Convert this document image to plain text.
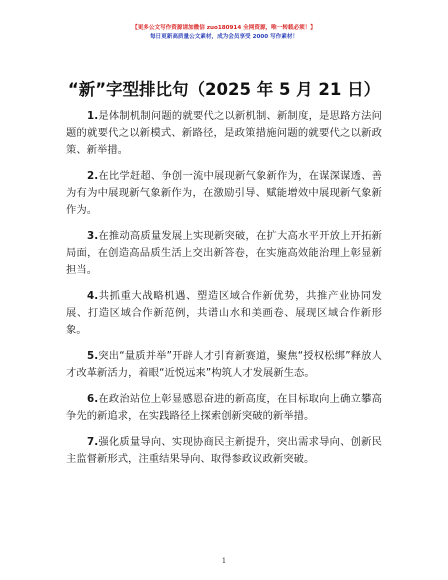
【更多公文写作资源请加微信 zuo180914 全网资源，唯一转载必须！】
每日更新高质量公文素材，成为会员享受 2000 写作素材！
“新”字型排比句（2025 年 5 月 21 日）

1.是体制机制问题的就要代之以新机制、新制度，是思路方法问题的就要代之以新模式、新路径，是政策措施问题的就要代之以新政策、新举措。

2.在比学赶超、争创一流中展现新气象新作为，在谋深谋透、善为有为中展现新气象新作为，在激励引导、赋能增效中展现新气象新作为。

3.在推动高质量发展上实现新突破，在扩大高水平开放上开拓新局面，在创造高品质生活上交出新答卷，在实施高效能治理上彰显新担当。

4.共抓重大战略机遇、塑造区域合作新优势，共推产业协同发展、打造区域合作新范例，共谱山水和美画卷、展现区域合作新形象。

5.突出“量质并举”开辟人才引育新赛道，聚焦“授权松绑”释放人才改革新活力，着眼“近悦远来”构筑人才发展新生态。

6.在政治站位上彰显感恩奋进的新高度，在目标取向上确立攀高争先的新追求，在实践路径上探索创新突破的新举措。

7.强化质量导向、实现协商民主新提升，突出需求导向、创新民主监督新形式，注重结果导向、取得参政议政新突破。

1
